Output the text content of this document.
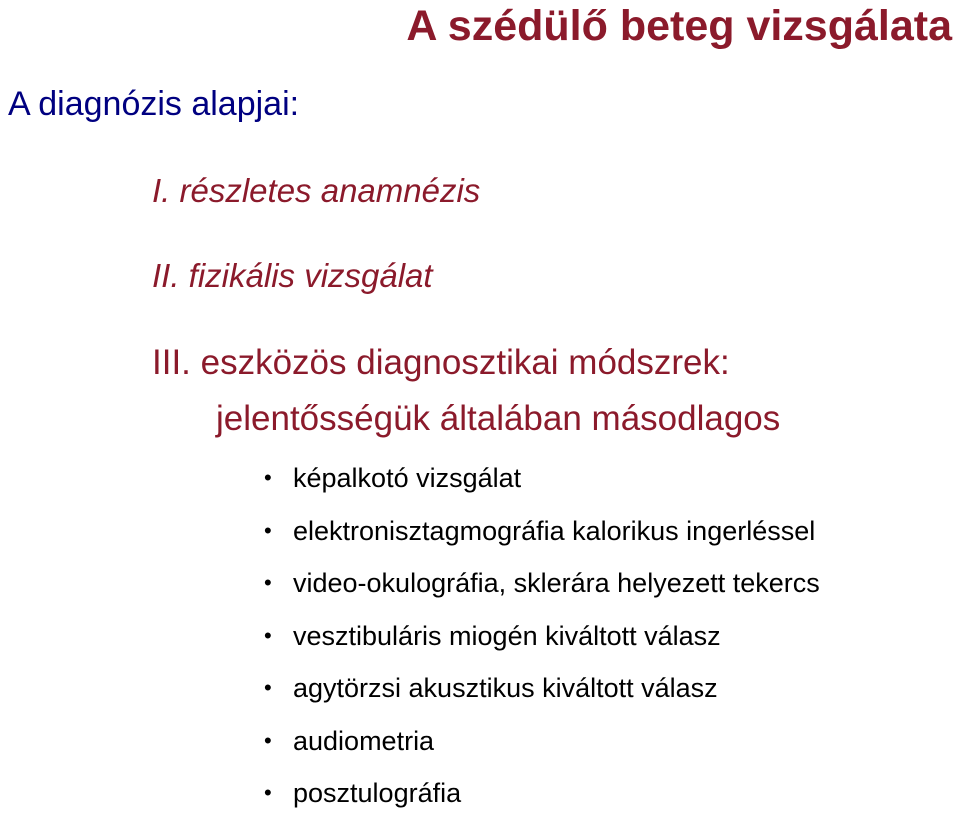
A szédülő beteg vizsgálata
A diagnózis alapjai:
I. részletes anamnézis
II. fizikális vizsgálat
III. eszközös diagnosztikai módszrek:
jelentősségük általában másodlagos
• képalkotó vizsgálat
• elektronisztagmográfia kalorikus ingerléssel
• video-okulográfia, sklerára helyezett tekercs
• vesztibuláris miogén kiváltott válasz
• agytörzsi akusztikus kiváltott válasz
• audiometria
• posztulográfia
